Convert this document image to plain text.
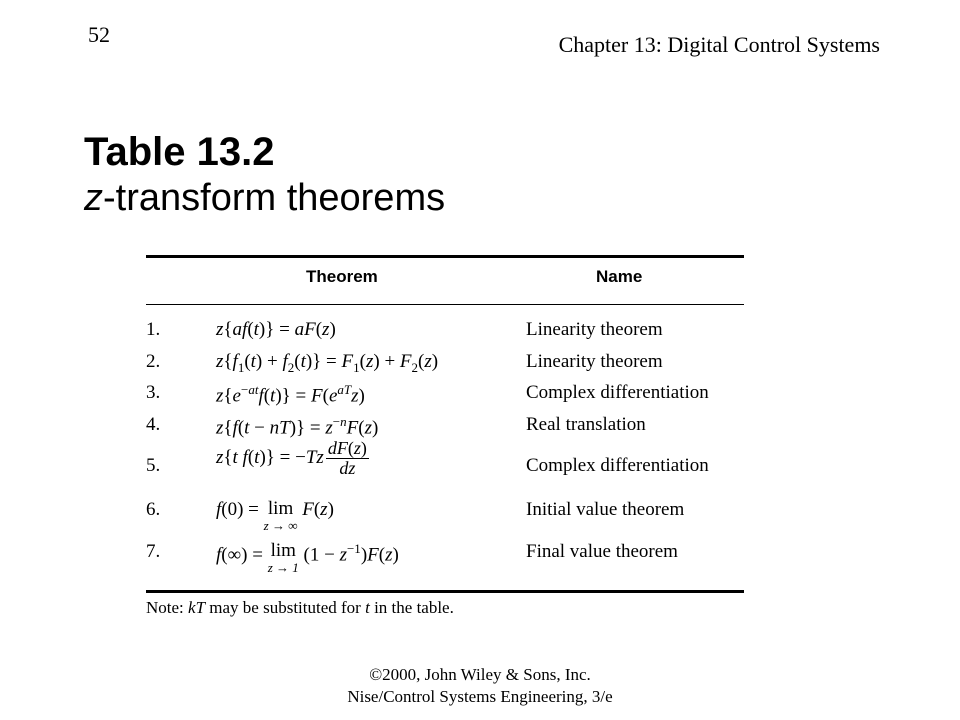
52	Chapter 13: Digital Control Systems
Table 13.2
z-transform theorems
Theorem	Name
1.	z{af(t)} = aF(z)	Linearity theorem
2.	$z\{f_1(t) + f_2(t)\} = F_1(z) + F_2(z)$	Linearity theorem
3.	$z\{e^{-at}f(t)\} = F(e^{aT}z)$	Complex differentiation
4.	$z\{f(t - nT)\} = z^{-n}F(z)$	Real translation
5.	z{t $f(t)\} = -Tz \frac{dF(z)}{dz}$	Complex differentiation
6.	f(0) = lim
z → ∞
F(z)	Initial value theorem
7.	f(∞) = lim
z → 1
$(1 - z^{-1})F(z)$	Final value theorem
Note: kT may be substituted for t in the table.
©2000, John Wiley & Sons, Inc.
Nise/Control Systems Engineering, 3/e
